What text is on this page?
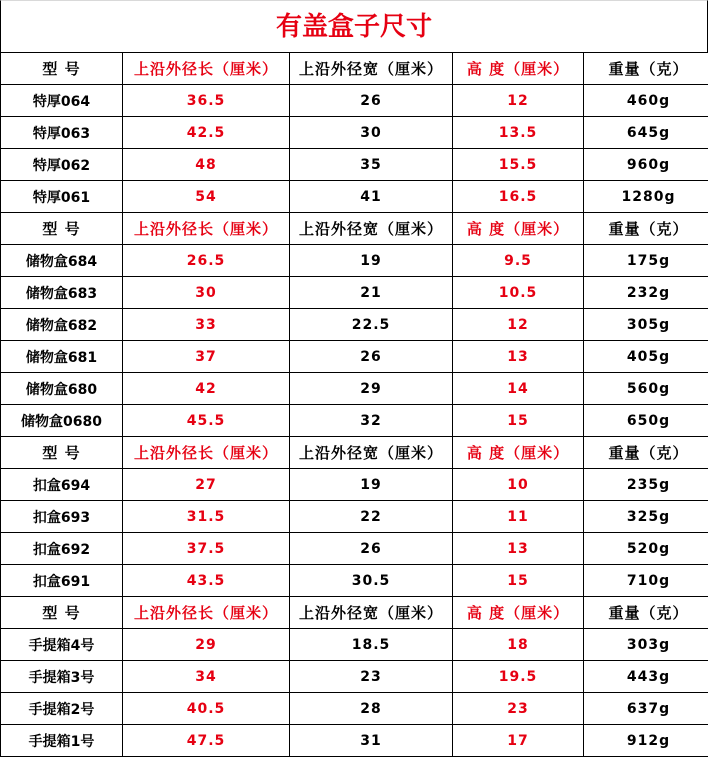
有盖盒子尺寸
型 号	上沿外径长（厘米）	上沿外径宽（厘米）	高 度（厘米）	重量（克）
特厚064	36.5	26	12	460g
特厚063	42.5	30	13.5	645g
特厚062	48	35	15.5	960g
特厚061	54	41	16.5	1280g
型 号	上沿外径长（厘米）	上沿外径宽（厘米）	高 度（厘米）	重量（克）
储物盒684	26.5	19	9.5	175g
储物盒683	30	21	10.5	232g
储物盒682	33	22.5	12	305g
储物盒681	37	26	13	405g
储物盒680	42	29	14	560g
储物盒0680	45.5	32	15	650g
型 号	上沿外径长（厘米）	上沿外径宽（厘米）	高 度（厘米）	重量（克）
扣盒694	27	19	10	235g
扣盒693	31.5	22	11	325g
扣盒692	37.5	26	13	520g
扣盒691	43.5	30.5	15	710g
型 号	上沿外径长（厘米）	上沿外径宽（厘米）	高 度（厘米）	重量（克）
手提箱4号	29	18.5	18	303g
手提箱3号	34	23	19.5	443g
手提箱2号	40.5	28	23	637g
手提箱1号	47.5	31	17	912g
